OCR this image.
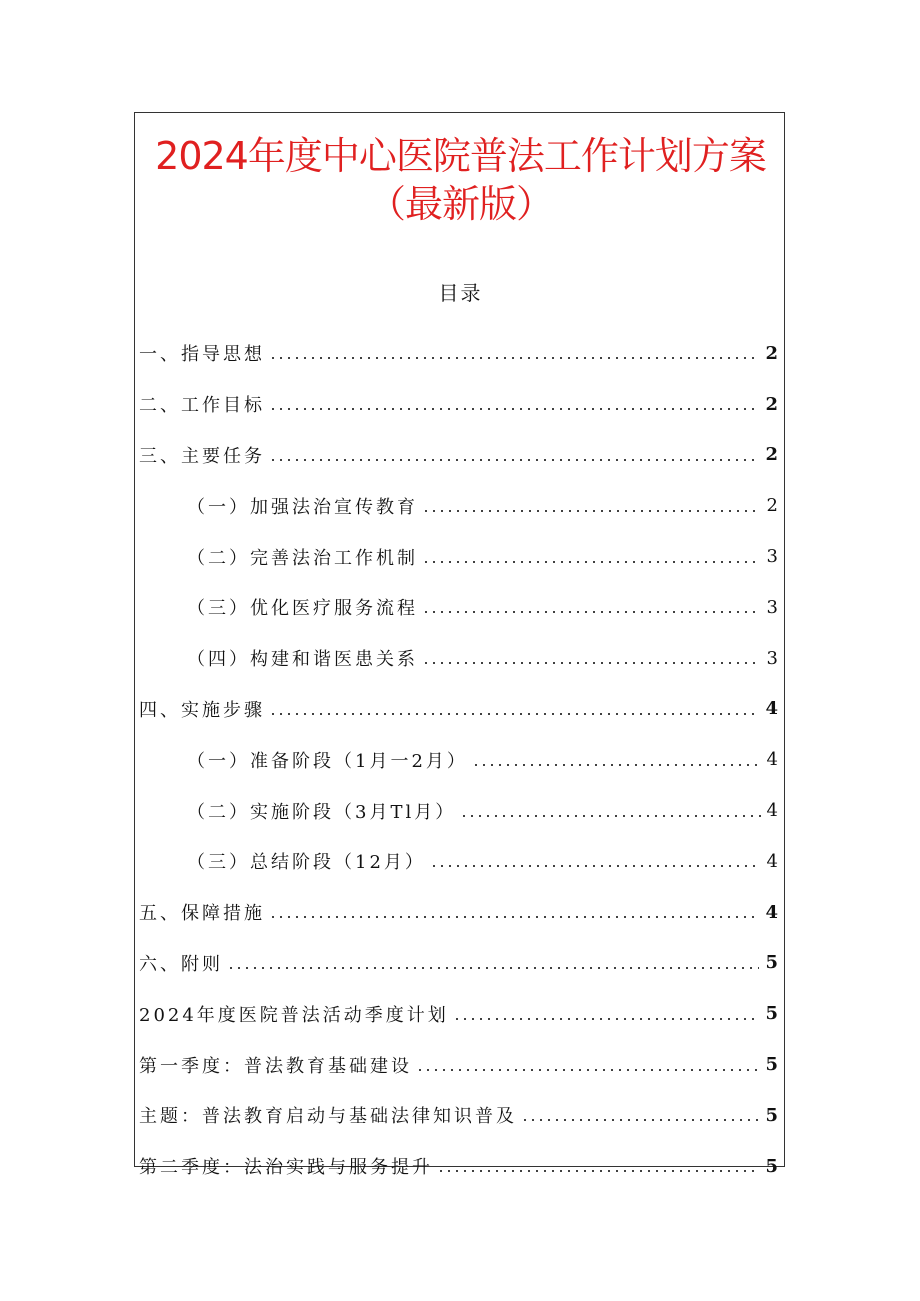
2024年度中心医院普法工作计划方案
（最新版）
目录
一、指导思想	2
二、工作目标	2
三、主要任务	2
（一）加强法治宣传教育	2
（二）完善法治工作机制	3
（三）优化医疗服务流程	3
（四）构建和谐医患关系	3
四、实施步骤	4
（一）准备阶段（1月一2月）	4
（二）实施阶段（3月Tl月）	4
（三）总结阶段（12月）	4
五、保障措施	4
六、附则	5
2024年度医院普法活动季度计划	5
第一季度：普法教育基础建设	5
主题：普法教育启动与基础法律知识普及	5
第二季度：法治实践与服务提升	5
